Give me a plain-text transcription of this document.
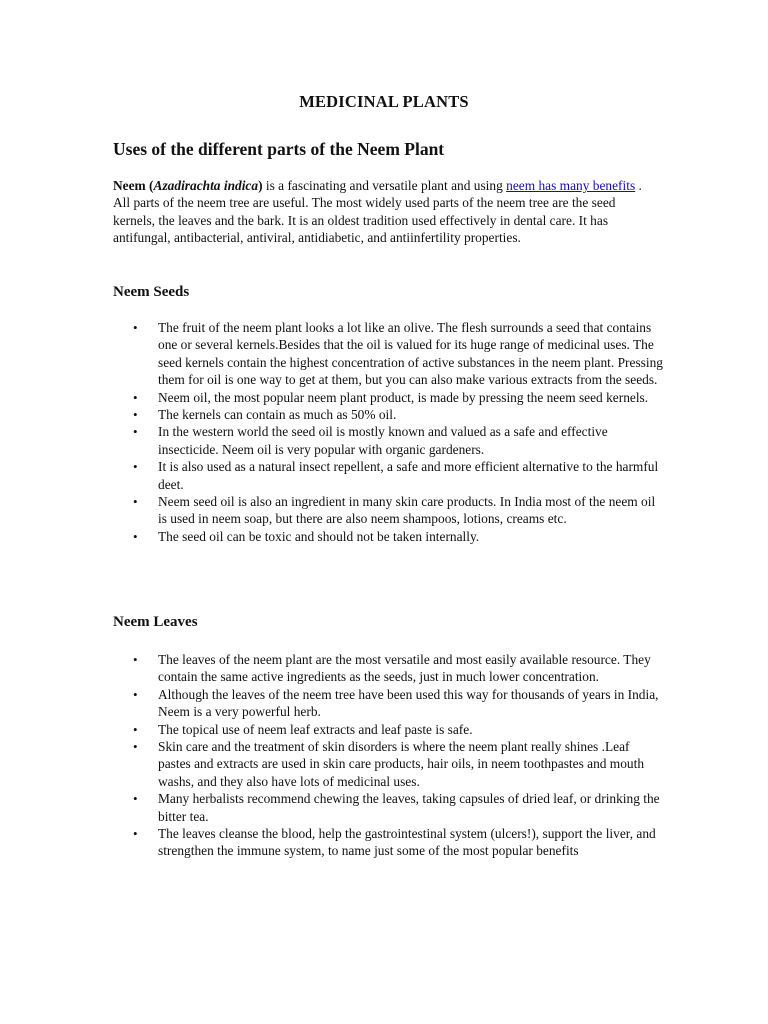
MEDICINAL PLANTS
Uses of the different parts of the Neem Plant

Neem (Azadirachta indica) is a fascinating and versatile plant and using neem has many benefits . All parts of the neem tree are useful. The most widely used parts of the neem tree are the seed kernels, the leaves and the bark. It is an oldest tradition used effectively in dental care. It has antifungal, antibacterial, antiviral, antidiabetic, and antiinfertility properties.

Neem Seeds
• The fruit of the neem plant looks a lot like an olive. The flesh surrounds a seed that contains one or several kernels.Besides that the oil is valued for its huge range of medicinal uses. The seed kernels contain the highest concentration of active substances in the neem plant. Pressing them for oil is one way to get at them, but you can also make various extracts from the seeds.
• Neem oil, the most popular neem plant product, is made by pressing the neem seed kernels.
• The kernels can contain as much as 50% oil.
• In the western world the seed oil is mostly known and valued as a safe and effective insecticide. Neem oil is very popular with organic gardeners.
• It is also used as a natural insect repellent, a safe and more efficient alternative to the harmful deet.
• Neem seed oil is also an ingredient in many skin care products. In India most of the neem oil is used in neem soap, but there are also neem shampoos, lotions, creams etc.
• The seed oil can be toxic and should not be taken internally.
Neem Leaves
• The leaves of the neem plant are the most versatile and most easily available resource. They contain the same active ingredients as the seeds, just in much lower concentration.
• Although the leaves of the neem tree have been used this way for thousands of years in India, Neem is a very powerful herb.
• The topical use of neem leaf extracts and leaf paste is safe.
• Skin care and the treatment of skin disorders is where the neem plant really shines .Leaf pastes and extracts are used in skin care products, hair oils, in neem toothpastes and mouth washs, and they also have lots of medicinal uses.
• Many herbalists recommend chewing the leaves, taking capsules of dried leaf, or drinking the bitter tea.
• The leaves cleanse the blood, help the gastrointestinal system (ulcers!), support the liver, and strengthen the immune system, to name just some of the most popular benefits
